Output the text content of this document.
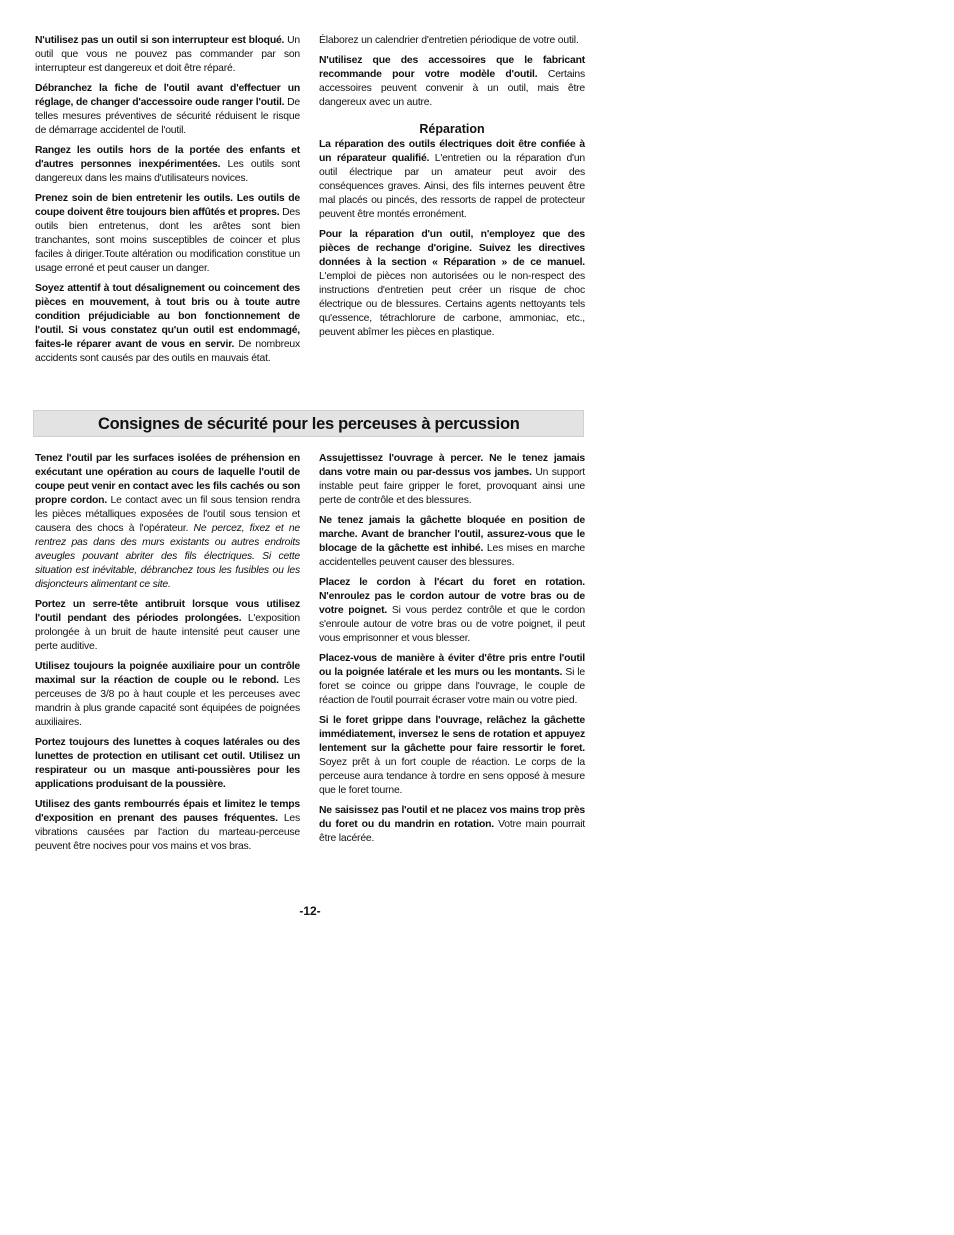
N'utilisez pas un outil si son interrupteur est bloqué. Un outil que vous ne pouvez pas commander par son interrupteur est dangereux et doit être réparé.

Débranchez la fiche de l'outil avant d'effectuer un réglage, de changer d'accessoire oude ranger l'outil. De telles mesures préventives de sécurité réduisent le risque de démarrage accidentel de l'outil.

Rangez les outils hors de la portée des enfants et d'autres personnes inexpérimentées. Les outils sont dangereux dans les mains d'utilisateurs novices.

Prenez soin de bien entretenir les outils. Les outils de coupe doivent être toujours bien affûtés et propres. Des outils bien entretenus, dont les arêtes sont bien tranchantes, sont moins susceptibles de coincer et plus faciles à diriger.Toute altération ou modification constitue un usage erroné et peut causer un danger.

Soyez attentif à tout désalignement ou coincement des pièces en mouvement, à tout bris ou à toute autre condition préjudiciable au bon fonctionnement de l'outil. Si vous constatez qu'un outil est endommagé, faites-le réparer avant de vous en servir. De nombreux accidents sont causés par des outils en mauvais état.

Élaborez un calendrier d'entretien périodique de votre outil.

N'utilisez que des accessoires que le fabricant recommande pour votre modèle d'outil. Certains accessoires peuvent convenir à un outil, mais être dangereux avec un autre.

Réparation

La réparation des outils électriques doit être confiée à un réparateur qualifié. L'entretien ou la réparation d'un outil électrique par un amateur peut avoir des conséquences graves. Ainsi, des fils internes peuvent être mal placés ou pincés, des ressorts de rappel de protecteur peuvent être montés erronément.

Pour la réparation d'un outil, n'employez que des pièces de rechange d'origine. Suivez les directives données à la section « Réparation » de ce manuel. L'emploi de pièces non autorisées ou le non-respect des instructions d'entretien peut créer un risque de choc électrique ou de blessures. Certains agents nettoyants tels qu'essence, tétrachlorure de carbone, ammoniac, etc., peuvent abîmer les pièces en plastique.

Consignes de sécurité pour les perceuses à percussion

Tenez l'outil par les surfaces isolées de préhension en exécutant une opération au cours de laquelle l'outil de coupe peut venir en contact avec les fils cachés ou son propre cordon. Le contact avec un fil sous tension rendra les pièces métalliques exposées de l'outil sous tension et causera des chocs à l'opérateur. Ne percez, fixez et ne rentrez pas dans des murs existants ou autres endroits aveugles pouvant abriter des fils électriques. Si cette situation est inévitable, débranchez tous les fusibles ou les disjoncteurs alimentant ce site.

Portez un serre-tête antibruit lorsque vous utilisez l'outil pendant des périodes prolongées. L'exposition prolongée à un bruit de haute intensité peut causer une perte auditive.

Utilisez toujours la poignée auxiliaire pour un contrôle maximal sur la réaction de couple ou le rebond. Les perceuses de 3/8 po à haut couple et les perceuses avec mandrin à plus grande capacité sont équipées de poignées auxiliaires.

Portez toujours des lunettes à coques latérales ou des lunettes de protection en utilisant cet outil. Utilisez un respirateur ou un masque anti-poussières pour les applications produisant de la poussière.

Utilisez des gants rembourrés épais et limitez le temps d'exposition en prenant des pauses fréquentes. Les vibrations causées par l'action du marteau-perceuse peuvent être nocives pour vos mains et vos bras.

Assujettissez l'ouvrage à percer. Ne le tenez jamais dans votre main ou par-dessus vos jambes. Un support instable peut faire gripper le foret, provoquant ainsi une perte de contrôle et des blessures.

Ne tenez jamais la gâchette bloquée en position de marche. Avant de brancher l'outil, assurez-vous que le blocage de la gâchette est inhibé. Les mises en marche accidentelles peuvent causer des blessures.

Placez le cordon à l'écart du foret en rotation. N'enroulez pas le cordon autour de votre bras ou de votre poignet. Si vous perdez contrôle et que le cordon s'enroule autour de votre bras ou de votre poignet, il peut vous emprisonner et vous blesser.

Placez-vous de manière à éviter d'être pris entre l'outil ou la poignée latérale et les murs ou les montants. Si le foret se coince ou grippe dans l'ouvrage, le couple de réaction de l'outil pourrait écraser votre main ou votre pied.

Si le foret grippe dans l'ouvrage, relâchez la gâchette immédiatement, inversez le sens de rotation et appuyez lentement sur la gâchette pour faire ressortir le foret. Soyez prêt à un fort couple de réaction. Le corps de la perceuse aura tendance à tordre en sens opposé à mesure que le foret tourne.

Ne saisissez pas l'outil et ne placez vos mains trop près du foret ou du mandrin en rotation. Votre main pourrait être lacérée.

-12-
